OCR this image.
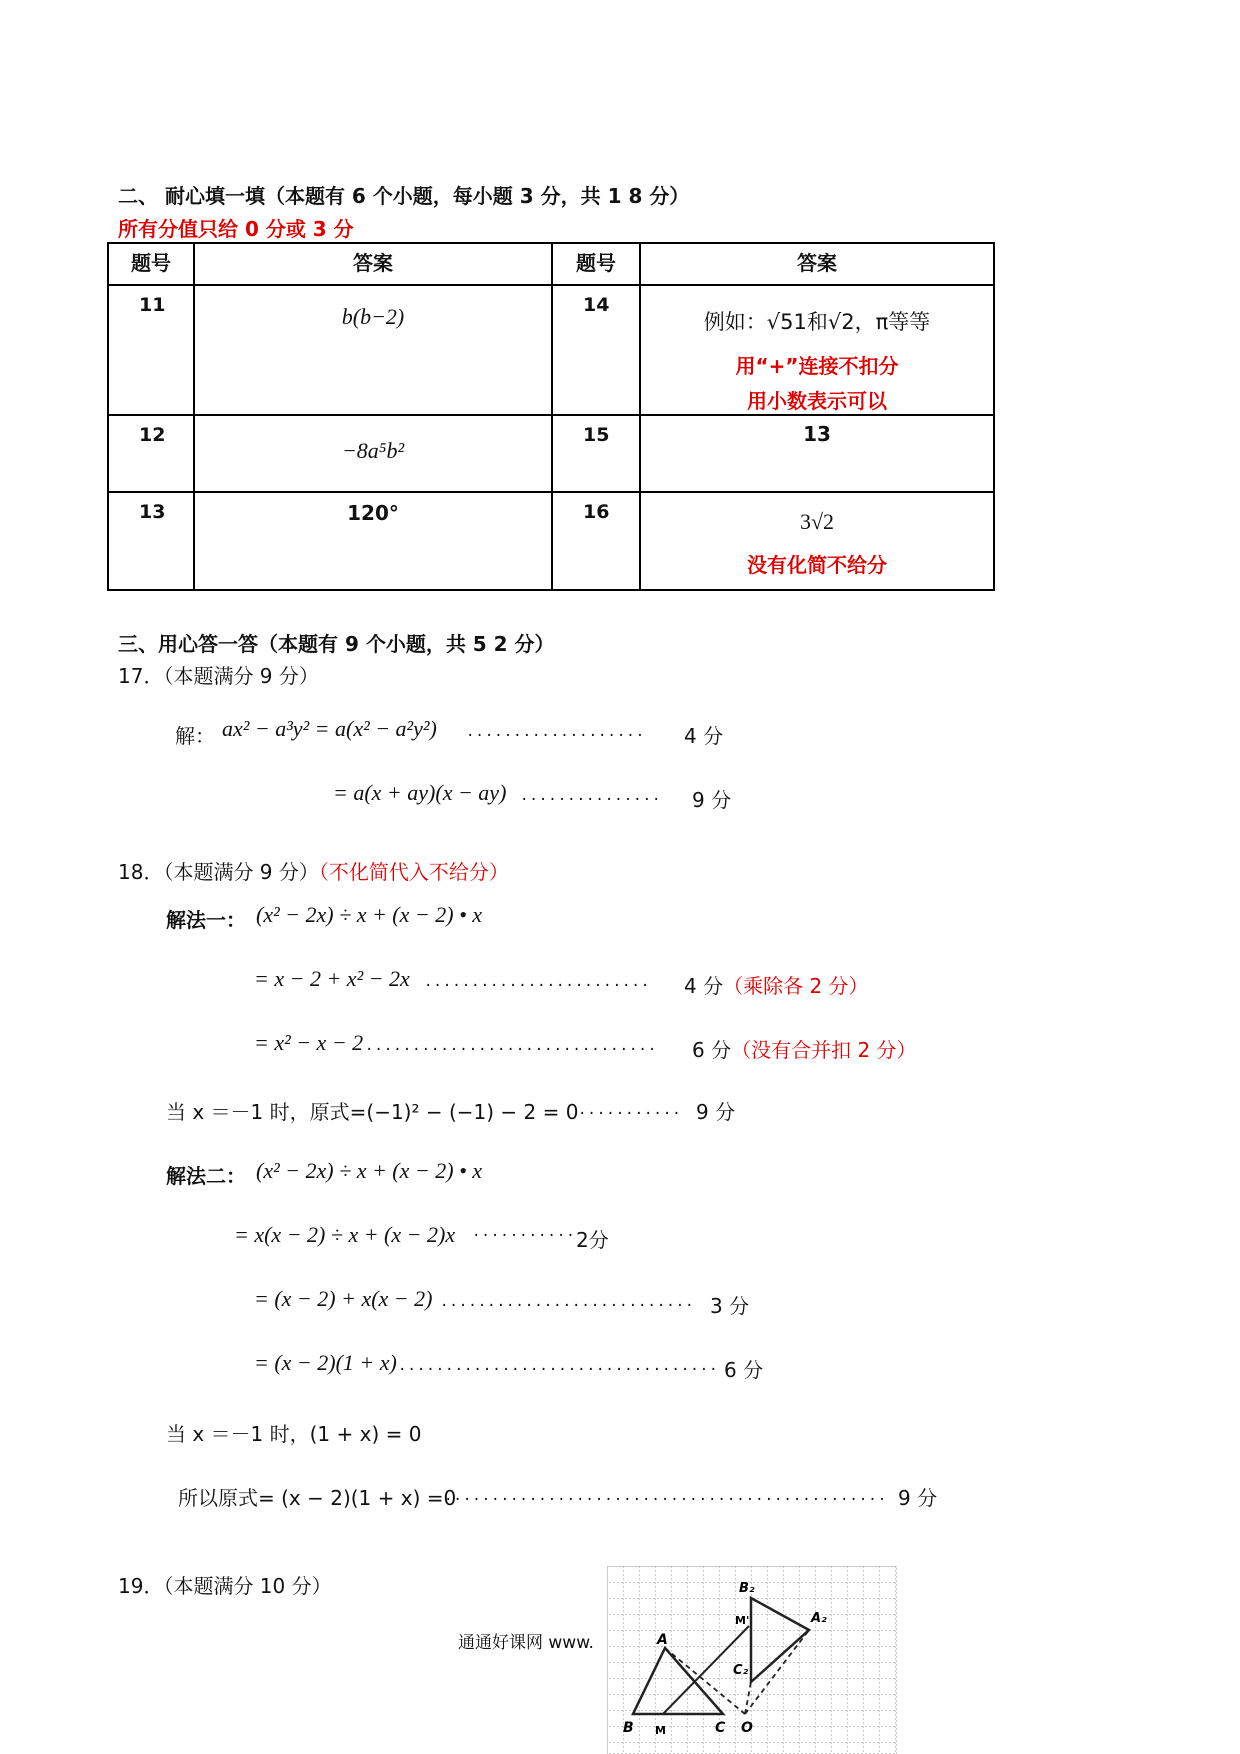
二、 耐心填一填（本题有 6 个小题，每小题 3 分，共 1 8 分）
所有分值只给 0 分或 3 分
题号	答案	题号	答案
11	b(b−2)	14	例如：√51和√2，π等等
用“+”连接不扣分
用小数表示可以

12	−8a⁵b²	15	13

13	120°	16	3√2
没有化简不给分
三、用心答一答（本题有 9 个小题，共 5 2 分）
17．（本题满分 9 分）
解： ax² − a³y² = a(x² − a²y²) ................... 4 分
= a(x + ay)(x − ay) ............... 9 分
18．（本题满分 9 分）（不化简代入不给分）
解法一： (x² − 2x) ÷ x + (x − 2) • x
= x − 2 + x² − 2x ........................ 4 分（乘除各 2 分）
= x² − x − 2 ............................... 6 分（没有合并扣 2 分）
当 x ＝－1 时，原式=(−1)² − (−1) − 2 = 0 ........... 9 分
解法二： (x² − 2x) ÷ x + (x − 2) • x
= x(x − 2) ÷ x + (x − 2)x ··········· 2分
= (x − 2) + x(x − 2) ........................... 3 分
= (x − 2)(1 + x) .................................. 6 分
当 x ＝－1 时，(1 + x) = 0
所以原式= (x − 2)(1 + x) =0
............................................... 9 分
19．（本题满分 10 分）
通通好课网 www.
B₂
A₂
C₂
M'
A
B M	C O
